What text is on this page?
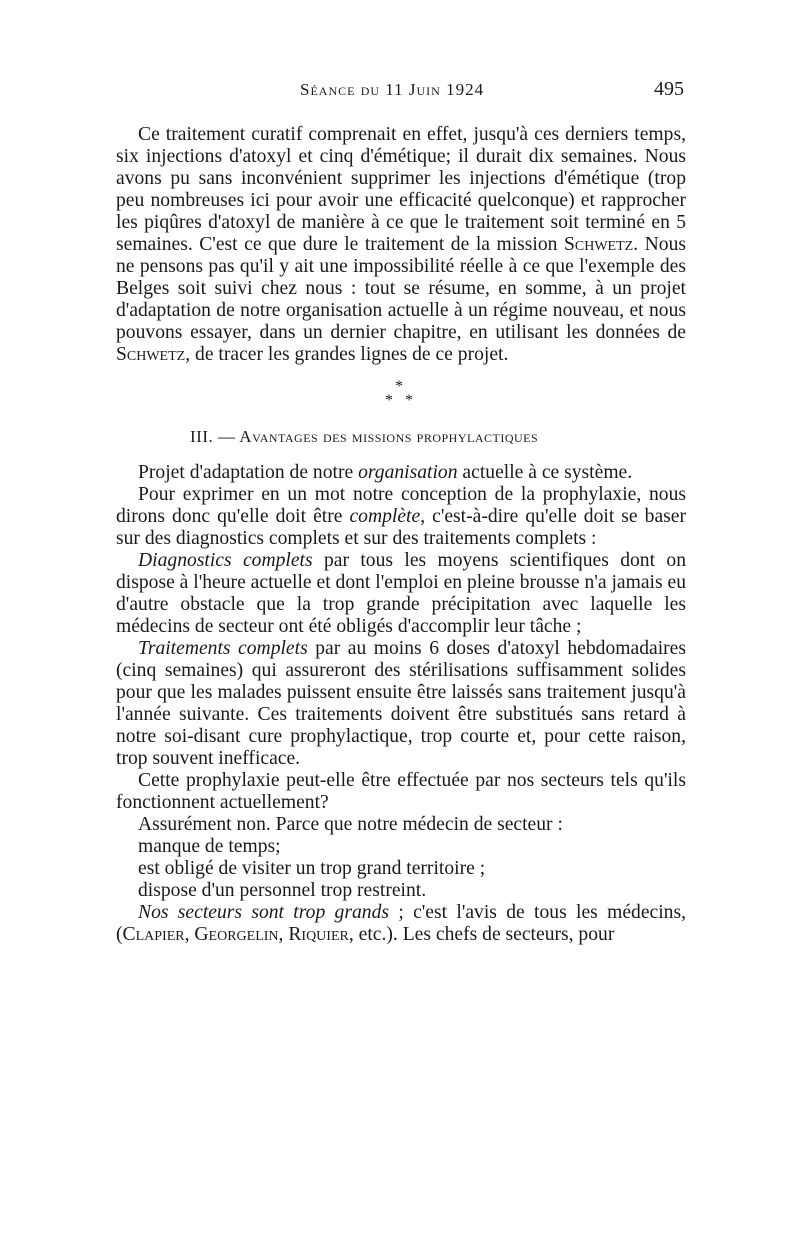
Séance du 11 Juin 1924	495

Ce traitement curatif comprenait en effet, jusqu'à ces derniers temps, six injections d'atoxyl et cinq d'émétique; il durait dix semaines. Nous avons pu sans inconvénient supprimer les injections d'émétique (trop peu nombreuses ici pour avoir une efficacité quelconque) et rapprocher les piqûres d'atoxyl de manière à ce que le traitement soit terminé en 5 semaines. C'est ce que dure le traitement de la mission Schwetz. Nous ne pensons pas qu'il y ait une impossibilité réelle à ce que l'exemple des Belges soit suivi chez nous : tout se résume, en somme, à un projet d'adaptation de notre organisation actuelle à un régime nouveau, et nous pouvons essayer, dans un dernier chapitre, en utilisant les données de Schwetz, de tracer les grandes lignes de ce projet.

*
* *
III. — Avantages des missions prophylactiques

Projet d'adaptation de notre organisation actuelle à ce système.

Pour exprimer en un mot notre conception de la prophylaxie, nous dirons donc qu'elle doit être complète, c'est-à-dire qu'elle doit se baser sur des diagnostics complets et sur des traitements complets :

Diagnostics complets par tous les moyens scientifiques dont on dispose à l'heure actuelle et dont l'emploi en pleine brousse n'a jamais eu d'autre obstacle que la trop grande précipitation avec laquelle les médecins de secteur ont été obligés d'accomplir leur tâche ;

Traitements complets par au moins 6 doses d'atoxyl hebdomadaires (cinq semaines) qui assureront des stérilisations suffisamment solides pour que les malades puissent ensuite être laissés sans traitement jusqu'à l'année suivante. Ces traitements doivent être substitués sans retard à notre soi-disant cure prophylactique, trop courte et, pour cette raison, trop souvent inefficace.

Cette prophylaxie peut-elle être effectuée par nos secteurs tels qu'ils fonctionnent actuellement?

Assurément non. Parce que notre médecin de secteur :

manque de temps;

est obligé de visiter un trop grand territoire ;

dispose d'un personnel trop restreint.

Nos secteurs sont trop grands ; c'est l'avis de tous les médecins, (Clapier, Georgelin, Riquier, etc.). Les chefs de secteurs, pour
